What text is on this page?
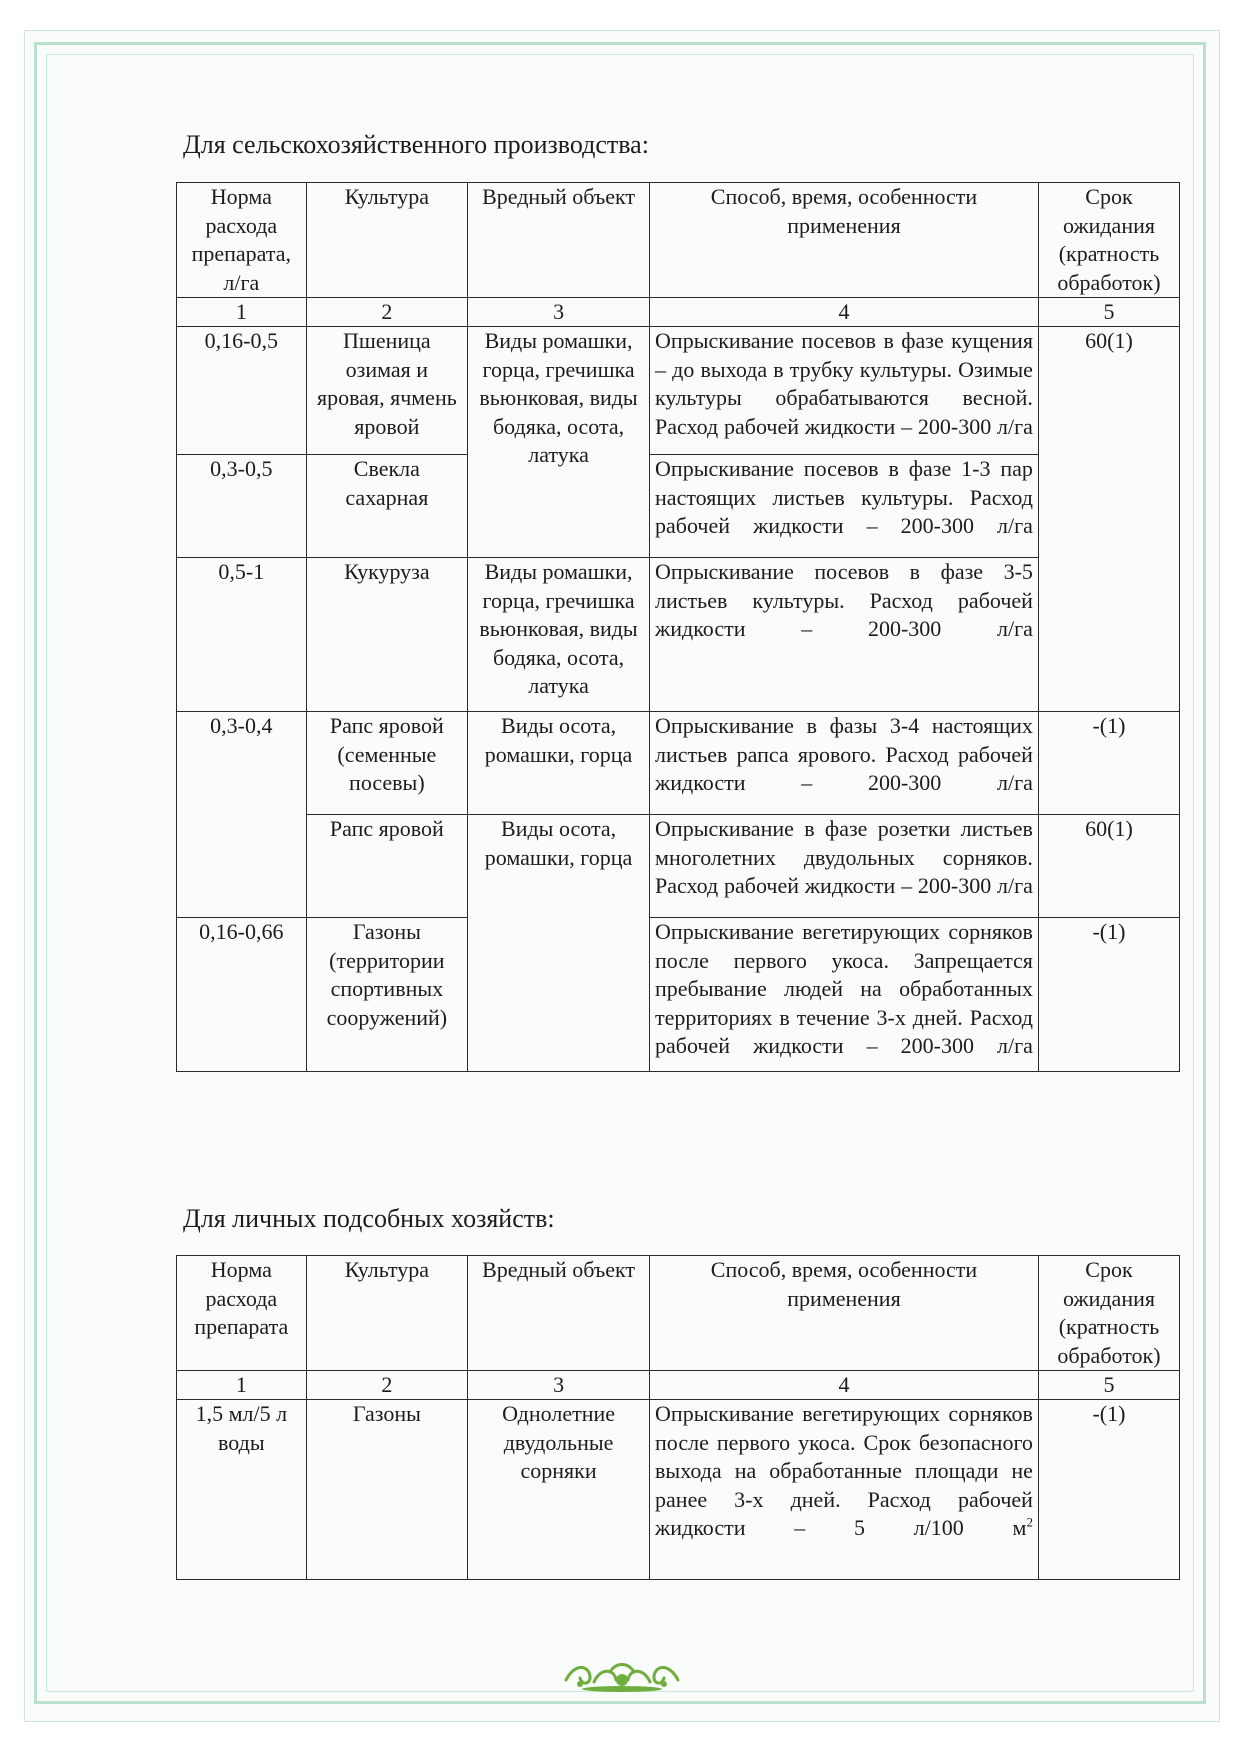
Для сельскохозяйственного производства:
Норма расхода препарата, л/га	Культура	Вредный объект	Способ, время, особенности применения	Срок ожидания (кратность обработок)
1	2	3	4	5
0,16-0,5	Пшеница озимая и яровая, ячмень яровой	Виды ромашки, горца, гречишка вьюнковая, виды бодяка, осота, латука	Опрыскивание посевов в фазе кущения – до выхода в трубку культуры. Озимые культуры обрабатываются весной. Расход рабочей жидкости – 200-300 л/га	60(1)
0,3-0,5	Свекла сахарная		Опрыскивание посевов в фазе 1-3 пар настоящих листьев культуры. Расход рабочей жидкости – 200-300 л/га	
0,5-1	Кукуруза	Виды ромашки, горца, гречишка вьюнковая, виды бодяка, осота, латука	Опрыскивание посевов в фазе 3-5 листьев культуры. Расход рабочей жидкости – 200-300 л/га	
0,3-0,4	Рапс яровой (семенные посевы)	Виды осота, ромашки, горца	Опрыскивание в фазы 3-4 настоящих листьев рапса ярового. Расход рабочей жидкости – 200-300 л/га	-(1)
	Рапс яровой	Виды осота, ромашки, горца	Опрыскивание в фазе розетки листьев многолетних двудольных сорняков. Расход рабочей жидкости – 200-300 л/га	60(1)
0,16-0,66	Газоны (территории спортивных сооружений)		Опрыскивание вегетирующих сорняков после первого укоса. Запрещается пребывание людей на обработанных территориях в течение 3-х дней. Расход рабочей жидкости – 200-300 л/га	-(1)
Для личных подсобных хозяйств:
Норма расхода препарата	Культура	Вредный объект	Способ, время, особенности применения	Срок ожидания (кратность обработок)
1	2	3	4	5
1,5 мл/5 л воды	Газоны	Однолетние двудольные сорняки	Опрыскивание вегетирующих сорняков после первого укоса. Срок безопасного выхода на обработанные площади не ранее 3-х дней. Расход рабочей жидкости – 5 л/100 $м^2$	-(1)
